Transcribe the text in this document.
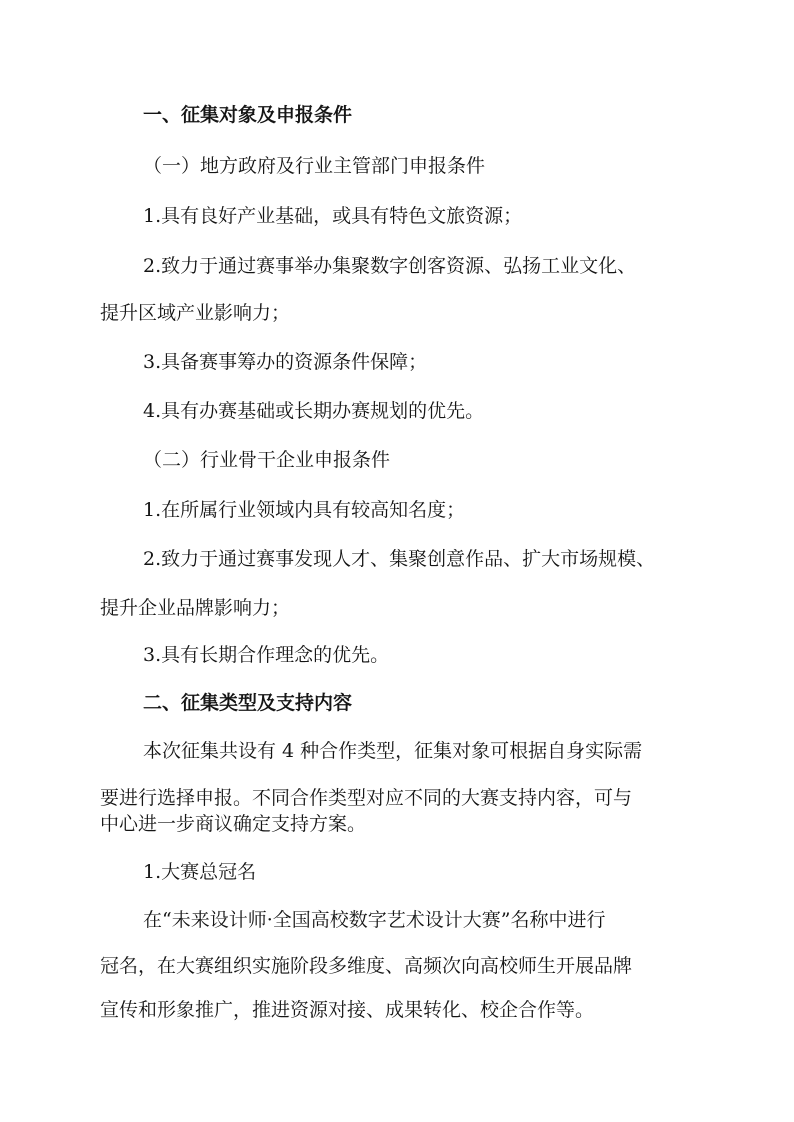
一、征集对象及申报条件
（一）地方政府及行业主管部门申报条件
1.具有良好产业基础，或具有特色文旅资源；
2.致力于通过赛事举办集聚数字创客资源、弘扬工业文化、
提升区域产业影响力；
3.具备赛事筹办的资源条件保障；
4.具有办赛基础或长期办赛规划的优先。
（二）行业骨干企业申报条件
1.在所属行业领域内具有较高知名度；
2.致力于通过赛事发现人才、集聚创意作品、扩大市场规模、
提升企业品牌影响力；
3.具有长期合作理念的优先。
二、征集类型及支持内容
本次征集共设有 4 种合作类型，征集对象可根据自身实际需
要进行选择申报。不同合作类型对应不同的大赛支持内容，可与
中心进一步商议确定支持方案。
1.大赛总冠名
在“未来设计师·全国高校数字艺术设计大赛”名称中进行
冠名，在大赛组织实施阶段多维度、高频次向高校师生开展品牌
宣传和形象推广，推进资源对接、成果转化、校企合作等。
